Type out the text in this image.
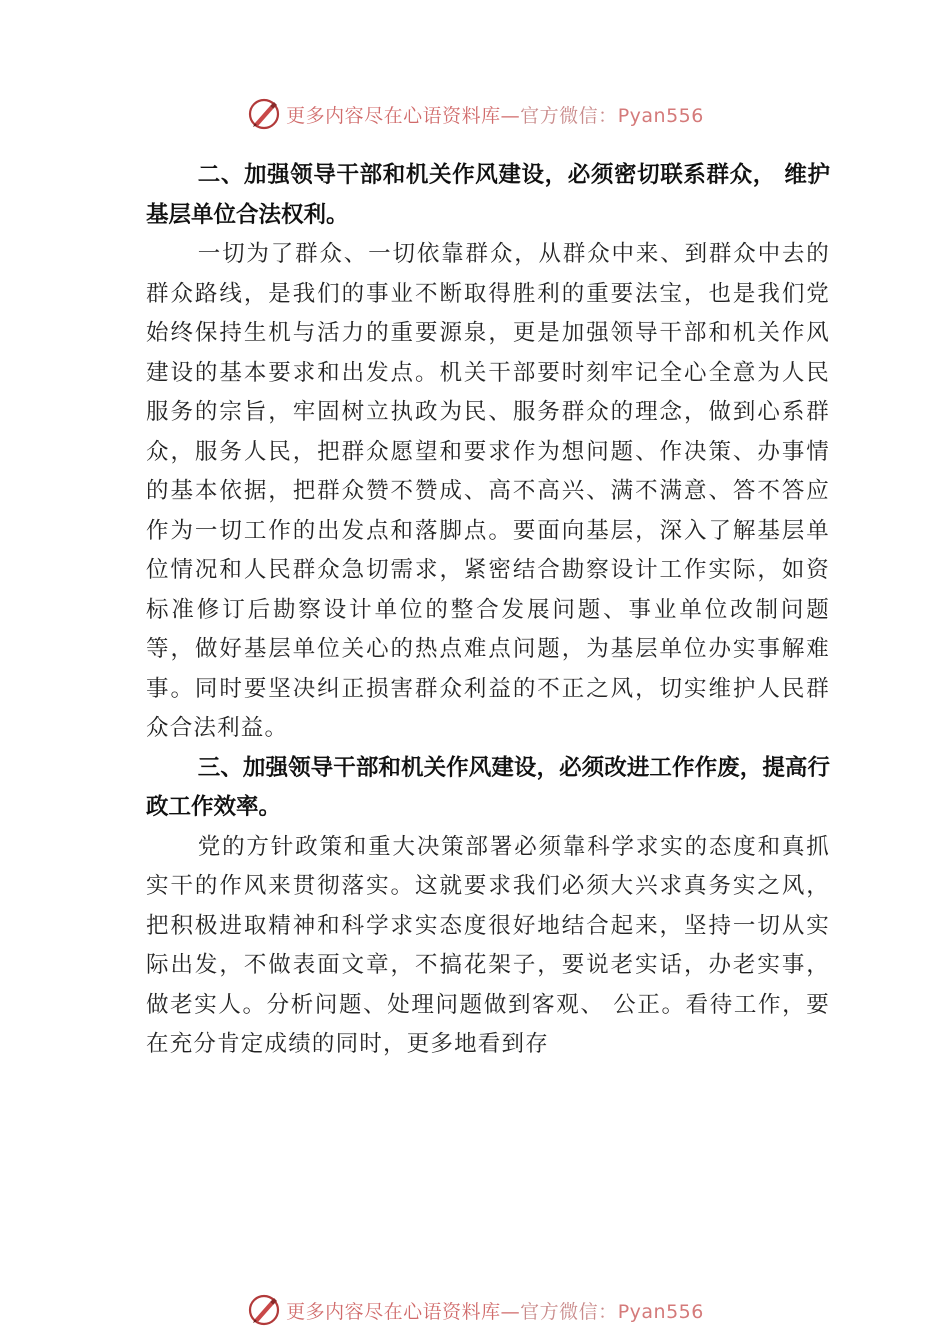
更多内容尽在心语资料库—官方微信：Pyan556

二、加强领导干部和机关作风建设，必须密切联系群众， 维护基层单位合法权利。

一切为了群众、一切依靠群众，从群众中来、到群众中去的群众路线，是我们的事业不断取得胜利的重要法宝，也是我们党始终保持生机与活力的重要源泉，更是加强领导干部和机关作风建设的基本要求和出发点。机关干部要时刻牢记全心全意为人民服务的宗旨，牢固树立执政为民、服务群众的理念，做到心系群众，服务人民，把群众愿望和要求作为想问题、作决策、办事情的基本依据，把群众赞不赞成、高不高兴、满不满意、答不答应作为一切工作的出发点和落脚点。要面向基层，深入了解基层单位情况和人民群众急切需求，紧密结合勘察设计工作实际，如资标准修订后勘察设计单位的整合发展问题、事业单位改制问题等，做好基层单位关心的热点难点问题，为基层单位办实事解难事。同时要坚决纠正损害群众利益的不正之风，切实维护人民群众合法利益。

三、加强领导干部和机关作风建设，必须改进工作作废，提高行政工作效率。

党的方针政策和重大决策部署必须靠科学求实的态度和真抓实干的作风来贯彻落实。这就要求我们必须大兴求真务实之风，把积极进取精神和科学求实态度很好地结合起来，坚持一切从实际出发，不做表面文章，不搞花架子，要说老实话，办老实事，做老实人。分析问题、处理问题做到客观、 公正。看待工作，要在充分肯定成绩的同时，更多地看到存

更多内容尽在心语资料库—官方微信：Pyan556
